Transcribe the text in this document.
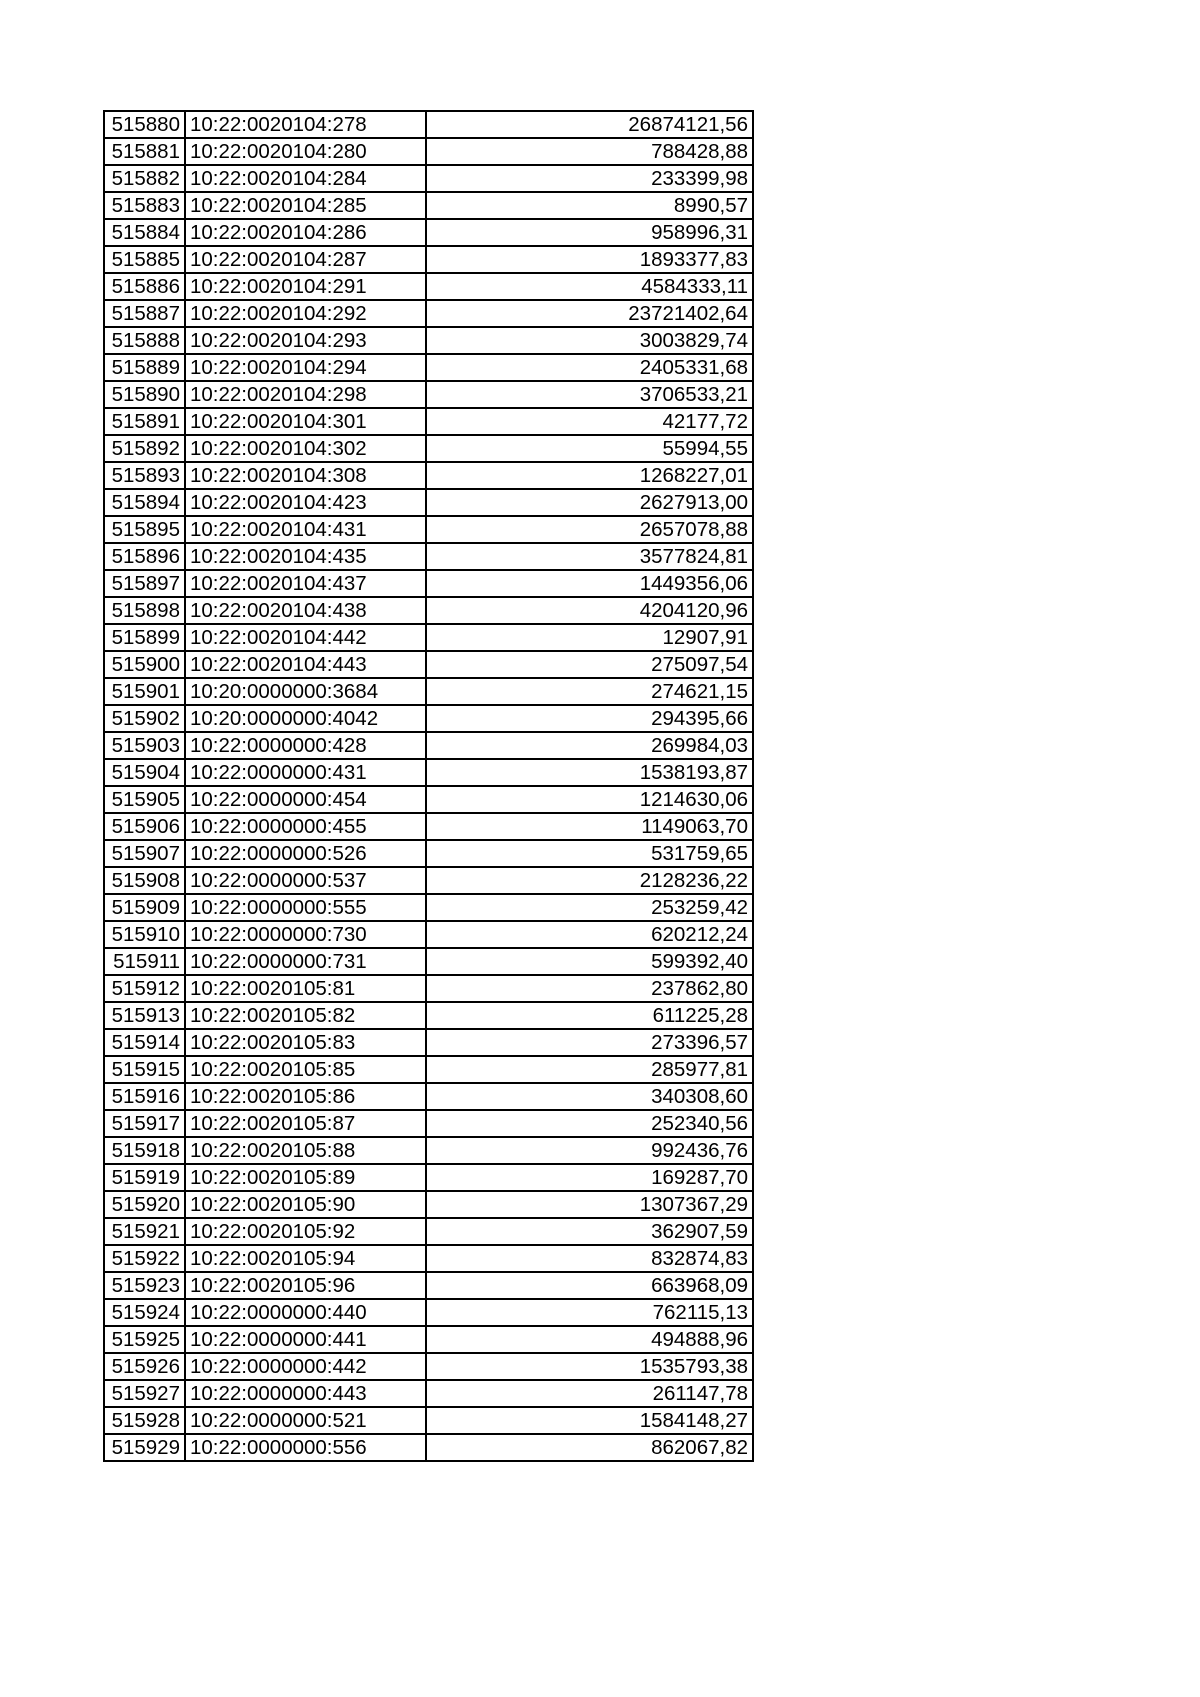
515880	10:22:0020104:278	26874121,56
515881	10:22:0020104:280	788428,88
515882	10:22:0020104:284	233399,98
515883	10:22:0020104:285	8990,57
515884	10:22:0020104:286	958996,31
515885	10:22:0020104:287	1893377,83
515886	10:22:0020104:291	4584333,11
515887	10:22:0020104:292	23721402,64
515888	10:22:0020104:293	3003829,74
515889	10:22:0020104:294	2405331,68
515890	10:22:0020104:298	3706533,21
515891	10:22:0020104:301	42177,72
515892	10:22:0020104:302	55994,55
515893	10:22:0020104:308	1268227,01
515894	10:22:0020104:423	2627913,00
515895	10:22:0020104:431	2657078,88
515896	10:22:0020104:435	3577824,81
515897	10:22:0020104:437	1449356,06
515898	10:22:0020104:438	4204120,96
515899	10:22:0020104:442	12907,91
515900	10:22:0020104:443	275097,54
515901	10:20:0000000:3684	274621,15
515902	10:20:0000000:4042	294395,66
515903	10:22:0000000:428	269984,03
515904	10:22:0000000:431	1538193,87
515905	10:22:0000000:454	1214630,06
515906	10:22:0000000:455	1149063,70
515907	10:22:0000000:526	531759,65
515908	10:22:0000000:537	2128236,22
515909	10:22:0000000:555	253259,42
515910	10:22:0000000:730	620212,24
515911	10:22:0000000:731	599392,40
515912	10:22:0020105:81	237862,80
515913	10:22:0020105:82	611225,28
515914	10:22:0020105:83	273396,57
515915	10:22:0020105:85	285977,81
515916	10:22:0020105:86	340308,60
515917	10:22:0020105:87	252340,56
515918	10:22:0020105:88	992436,76
515919	10:22:0020105:89	169287,70
515920	10:22:0020105:90	1307367,29
515921	10:22:0020105:92	362907,59
515922	10:22:0020105:94	832874,83
515923	10:22:0020105:96	663968,09
515924	10:22:0000000:440	762115,13
515925	10:22:0000000:441	494888,96
515926	10:22:0000000:442	1535793,38
515927	10:22:0000000:443	261147,78
515928	10:22:0000000:521	1584148,27
515929	10:22:0000000:556	862067,82
